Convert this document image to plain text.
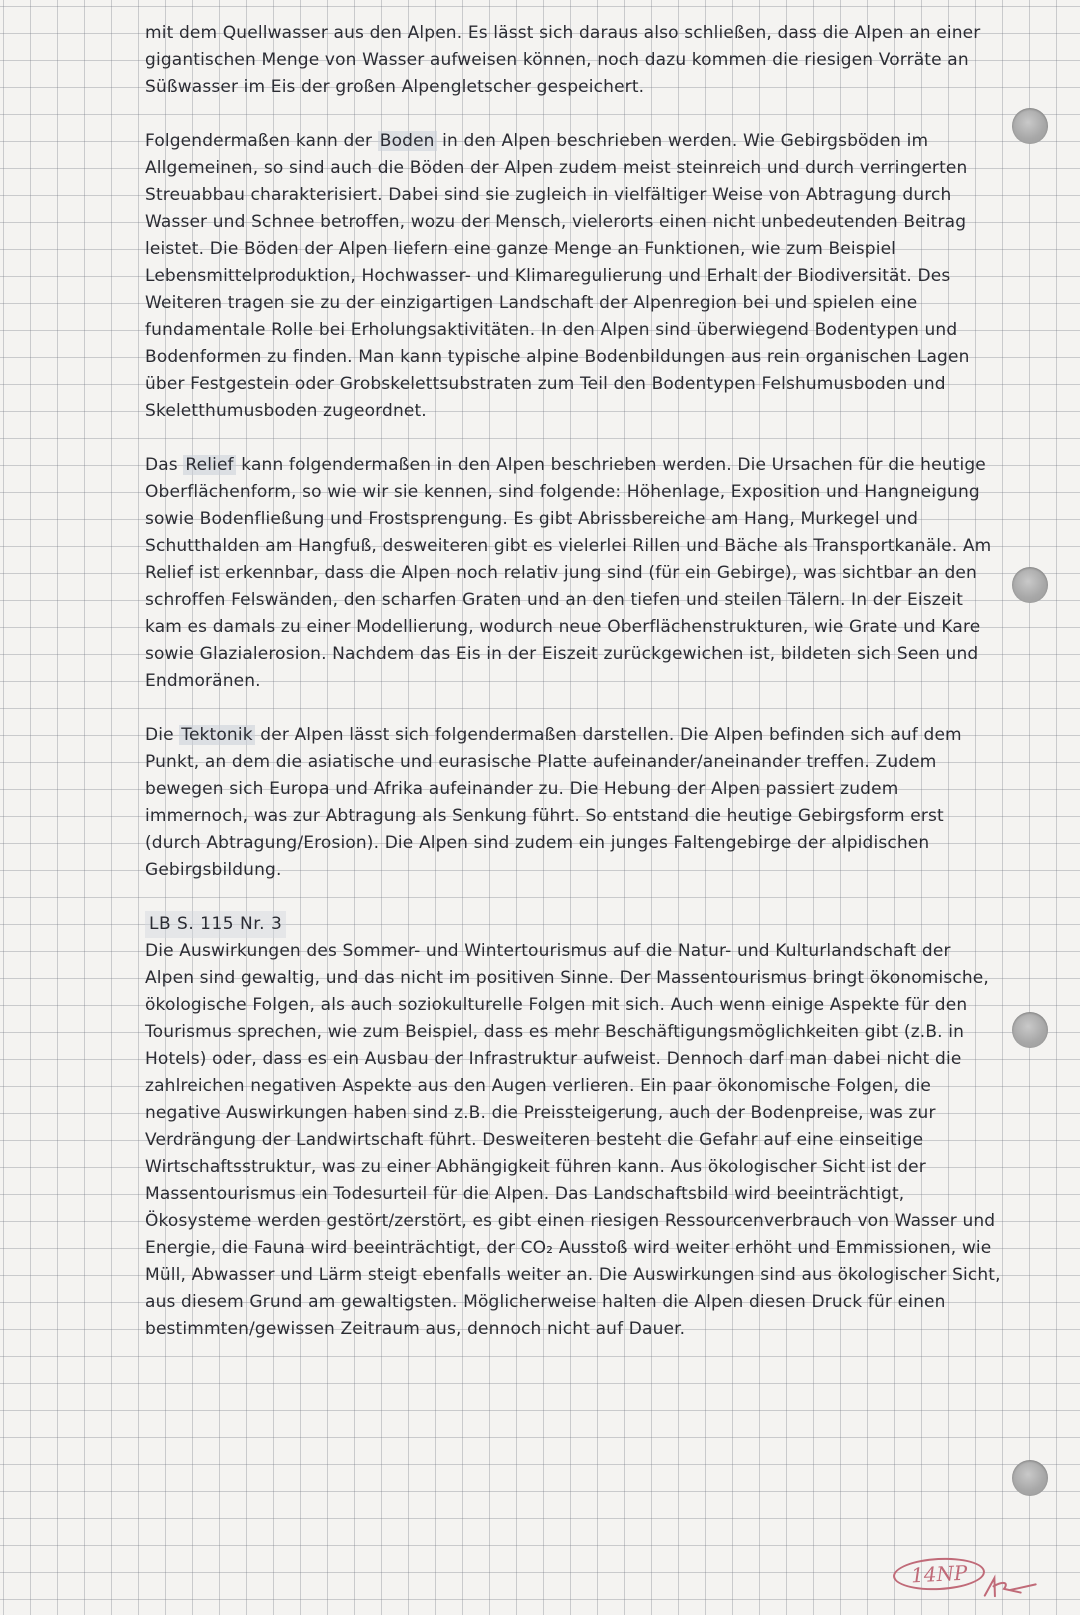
mit dem Quellwasser aus den Alpen. Es lässt sich daraus also schließen, dass die Alpen an einer gigantischen Menge von Wasser aufweisen können, noch dazu kommen die riesigen Vorräte an Süßwasser im Eis der großen Alpengletscher gespeichert.

Folgendermaßen kann der Boden in den Alpen beschrieben werden. Wie Gebirgsböden im Allgemeinen, so sind auch die Böden der Alpen zudem meist steinreich und durch verringerten Streuabbau charakterisiert. Dabei sind sie zugleich in vielfältiger Weise von Abtragung durch Wasser und Schnee betroffen, wozu der Mensch, vielerorts einen nicht unbedeutenden Beitrag leistet. Die Böden der Alpen liefern eine ganze Menge an Funktionen, wie zum Beispiel Lebensmittelproduktion, Hochwasser- und Klimaregulierung und Erhalt der Biodiversität. Des Weiteren tragen sie zu der einzigartigen Landschaft der Alpenregion bei und spielen eine fundamentale Rolle bei Erholungsaktivitäten. In den Alpen sind überwiegend Bodentypen und Bodenformen zu finden. Man kann typische alpine Bodenbildungen aus rein organischen Lagen über Festgestein oder Grobskelettsubstraten zum Teil den Bodentypen Felshumusboden und Skeletthumusboden zugeordnet.

Das Relief kann folgendermaßen in den Alpen beschrieben werden. Die Ursachen für die heutige Oberflächenform, so wie wir sie kennen, sind folgende: Höhenlage, Exposition und Hangneigung sowie Bodenfließung und Frostsprengung. Es gibt Abrissbereiche am Hang, Murkegel und Schutthalden am Hangfuß, desweiteren gibt es vielerlei Rillen und Bäche als Transportkanäle. Am Relief ist erkennbar, dass die Alpen noch relativ jung sind (für ein Gebirge), was sichtbar an den schroffen Felswänden, den scharfen Graten und an den tiefen und steilen Tälern. In der Eiszeit kam es damals zu einer Modellierung, wodurch neue Oberflächenstrukturen, wie Grate und Kare sowie Glazialerosion. Nachdem das Eis in der Eiszeit zurückgewichen ist, bildeten sich Seen und Endmoränen.

Die Tektonik der Alpen lässt sich folgendermaßen darstellen. Die Alpen befinden sich auf dem Punkt, an dem die asiatische und eurasische Platte aufeinander/aneinander treffen. Zudem bewegen sich Europa und Afrika aufeinander zu. Die Hebung der Alpen passiert zudem immernoch, was zur Abtragung als Senkung führt. So entstand die heutige Gebirgsform erst (durch Abtragung/Erosion). Die Alpen sind zudem ein junges Faltengebirge der alpidischen Gebirgsbildung.

LB S. 115 Nr. 3

Die Auswirkungen des Sommer- und Wintertourismus auf die Natur- und Kulturlandschaft der Alpen sind gewaltig, und das nicht im positiven Sinne. Der Massentourismus bringt ökonomische, ökologische Folgen, als auch soziokulturelle Folgen mit sich. Auch wenn einige Aspekte für den Tourismus sprechen, wie zum Beispiel, dass es mehr Beschäftigungsmöglichkeiten gibt (z.B. in Hotels) oder, dass es ein Ausbau der Infrastruktur aufweist. Dennoch darf man dabei nicht die zahlreichen negativen Aspekte aus den Augen verlieren. Ein paar ökonomische Folgen, die negative Auswirkungen haben sind z.B. die Preissteigerung, auch der Bodenpreise, was zur Verdrängung der Landwirtschaft führt. Desweiteren besteht die Gefahr auf eine einseitige Wirtschaftsstruktur, was zu einer Abhängigkeit führen kann. Aus ökologischer Sicht ist der Massentourismus ein Todesurteil für die Alpen. Das Landschaftsbild wird beeinträchtigt, Ökosysteme werden gestört/zerstört, es gibt einen riesigen Ressourcenverbrauch von Wasser und Energie, die Fauna wird beeinträchtigt, der CO₂ Ausstoß wird weiter erhöht und Emmissionen, wie Müll, Abwasser und Lärm steigt ebenfalls weiter an. Die Auswirkungen sind aus ökologischer Sicht, aus diesem Grund am gewaltigsten. Möglicherweise halten die Alpen diesen Druck für einen bestimmten/gewissen Zeitraum aus, dennoch nicht auf Dauer.

14NP
